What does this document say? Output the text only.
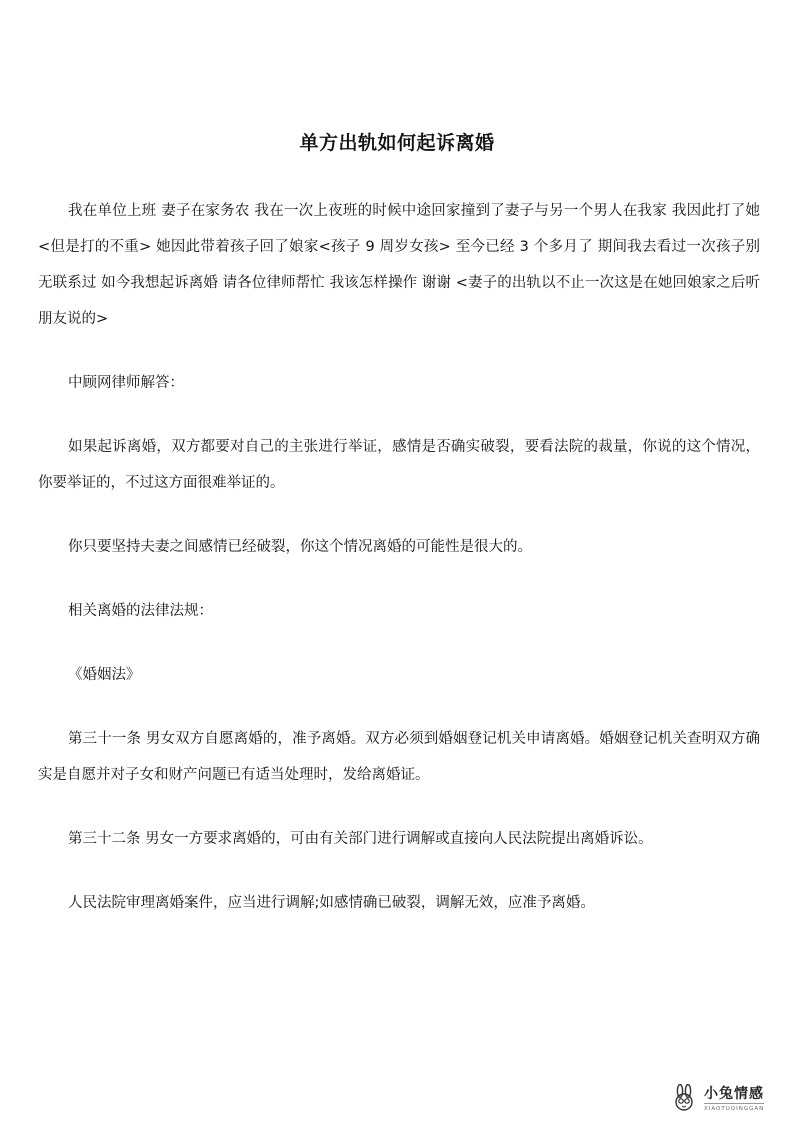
单方出轨如何起诉离婚

我在单位上班 妻子在家务农 我在一次上夜班的时候中途回家撞到了妻子与另一个男人在我家 我因此打了她<但是打的不重> 她因此带着孩子回了娘家<孩子 9 周岁女孩> 至今已经 3 个多月了 期间我去看过一次孩子别无联系过 如今我想起诉离婚 请各位律师帮忙 我该怎样操作 谢谢 <妻子的出轨以不止一次这是在她回娘家之后听朋友说的>

中顾网律师解答：

如果起诉离婚，双方都要对自己的主张进行举证，感情是否确实破裂，要看法院的裁量，你说的这个情况，你要举证的，不过这方面很难举证的。

你只要坚持夫妻之间感情已经破裂，你这个情况离婚的可能性是很大的。

相关离婚的法律法规：

《婚姻法》

第三十一条 男女双方自愿离婚的，准予离婚。双方必须到婚姻登记机关申请离婚。婚姻登记机关查明双方确实是自愿并对子女和财产问题已有适当处理时，发给离婚证。

第三十二条 男女一方要求离婚的，可由有关部门进行调解或直接向人民法院提出离婚诉讼。

人民法院审理离婚案件，应当进行调解;如感情确已破裂，调解无效，应准予离婚。

小兔情感
XIAOTUQINGGAN
